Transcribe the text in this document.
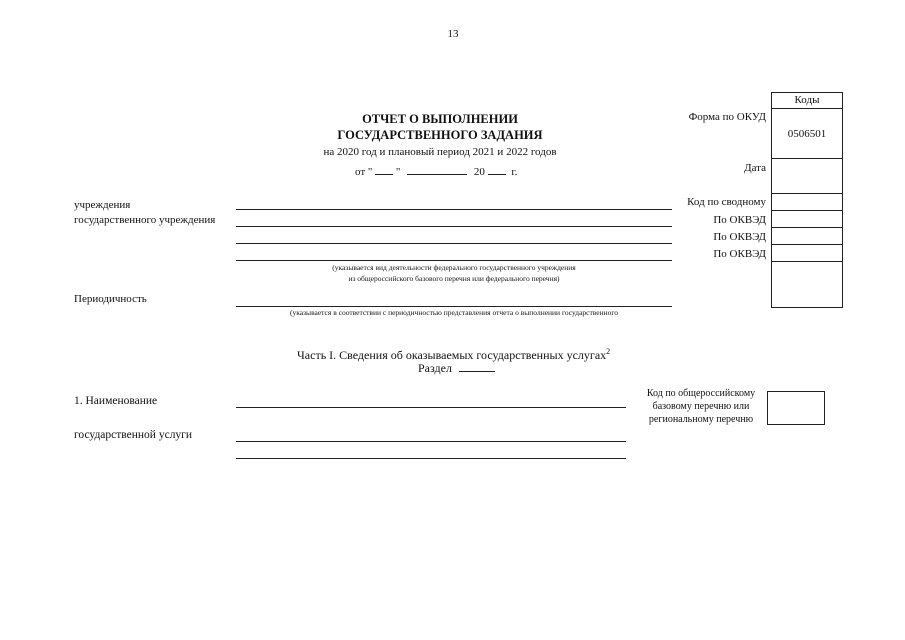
13
ОТЧЕТ О ВЫПОЛНЕНИИ
ГОСУДАРСТВЕННОГО ЗАДАНИЯ
на 2020 год и плановый период 2021 и 2022 годов
от " "	20 г.
Коды
0506501
Форма по ОКУД
Дата
Код по сводному
По ОКВЭД
По ОКВЭД
По ОКВЭД
учреждения
государственного учреждения
Периодичность
(указывается вид деятельности федерального государственного учреждения
из общероссийского базового перечня или федерального перечня)
(указывается в соответствии с периодичностью представления отчета о выполнении государственного
Часть I. Сведения об оказываемых государственных услугах$^2$
Раздел
1. Наименование
государственной услуги
Код по общероссийскому
базовому перечню или
региональному перечню
